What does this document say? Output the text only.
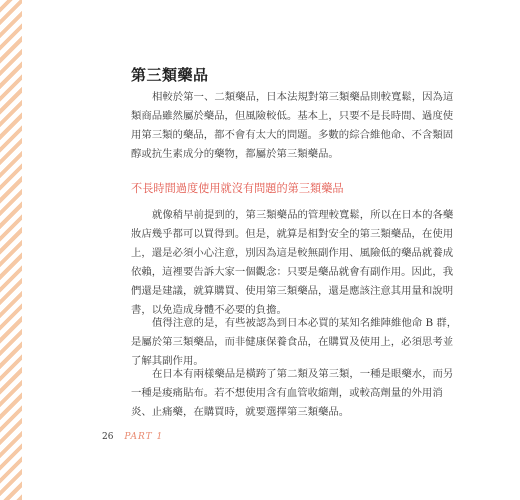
第三類藥品

相較於第一、二類藥品，日本法規對第三類藥品則較寬鬆，因為這
類商品雖然屬於藥品，但風險較低。基本上，只要不是長時間、過度使
用第三類的藥品，都不會有太大的問題。多數的綜合維他命、不含類固
醇或抗生素成分的藥物，都屬於第三類藥品。

不長時間過度使用就沒有問題的第三類藥品

就像稍早前提到的，第三類藥品的管理較寬鬆，所以在日本的各藥
妝店幾乎都可以買得到。但是，就算是相對安全的第三類藥品，在使用
上，還是必須小心注意，別因為這是較無副作用、風險低的藥品就養成
依賴，這裡要告訴大家一個觀念：只要是藥品就會有副作用。因此，我
們還是建議，就算購買、使用第三類藥品，還是應該注意其用量和說明
書，以免造成身體不必要的負擔。

值得注意的是，有些被認為到日本必買的某知名維陣維他命 B 群，
是屬於第三類藥品，而非健康保養食品，在購買及使用上，必須思考並
了解其副作用。

在日本有兩樣藥品是橫跨了第二類及第三類，一種是眼藥水，而另
一種是痠痛貼布。若不想使用含有血管收縮劑，或較高劑量的外用消
炎、止痛藥，在購買時，就要選擇第三類藥品。

26 PART 1
